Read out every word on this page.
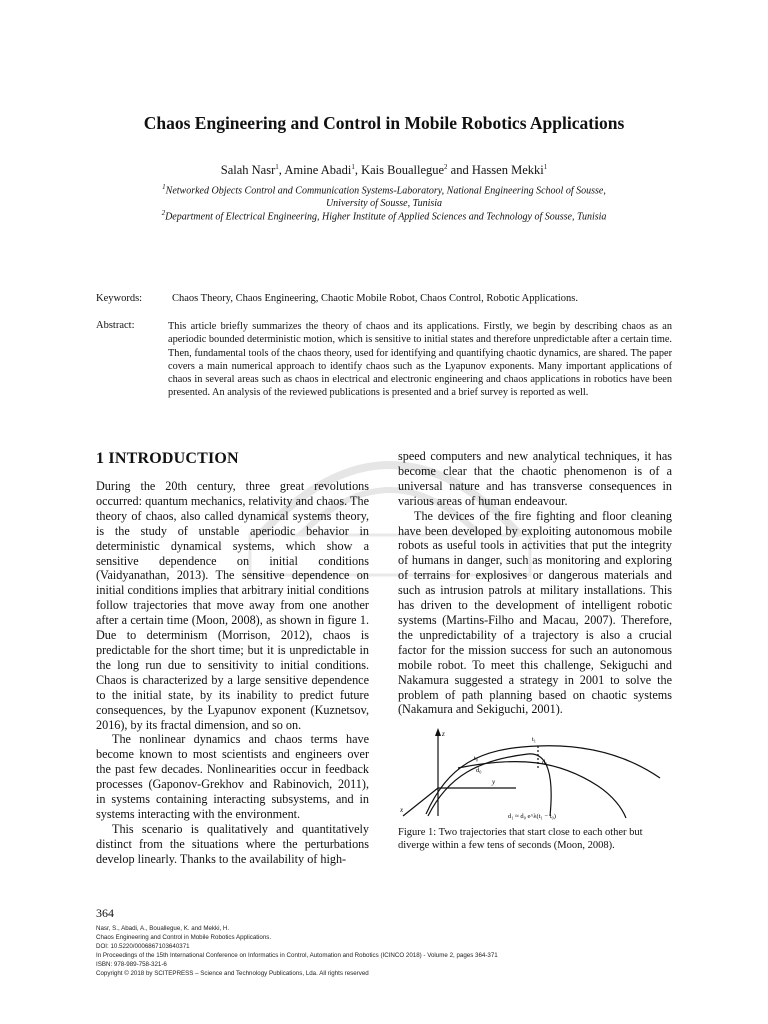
Chaos Engineering and Control in Mobile Robotics Applications
Salah Nasr$^1$, Amine Abadi$^1$, Kais Bouallegue$^2$ and Hassen Mekki$^1$
$^1$Networked Objects Control and Communication Systems-Laboratory, National Engineering School of Sousse,
University of Sousse, Tunisia
$^2$Department of Electrical Engineering, Higher Institute of Applied Sciences and Technology of Sousse, Tunisia
Keywords:	Chaos Theory, Chaos Engineering, Chaotic Mobile Robot, Chaos Control, Robotic Applications.
Abstract:	This article briefly summarizes the theory of chaos and its applications. Firstly, we begin by describing chaos as an aperiodic bounded deterministic motion, which is sensitive to initial states and therefore unpredictable after a certain time. Then, fundamental tools of the chaos theory, used for identifying and quantifying chaotic dynamics, are shared. The paper covers a main numerical approach to identify chaos such as the Lyapunov exponents. Many important applications of chaos in several areas such as chaos in electrical and electronic engineering and chaos applications in robotics have been presented. An analysis of the reviewed publications is presented and a brief survey is reported as well.
1 INTRODUCTION

During the 20th century, three great revolutions occurred: quantum mechanics, relativity and chaos. The theory of chaos, also called dynamical systems theory, is the study of unstable aperiodic behavior in deterministic dynamical systems, which show a sensitive dependence on initial conditions (Vaidyanathan, 2013). The sensitive dependence on initial conditions implies that arbitrary initial conditions follow trajectories that move away from one another after a certain time (Moon, 2008), as shown in figure 1. Due to determinism (Morrison, 2012), chaos is predictable for the short time; but it is unpredictable in the long run due to sensitivity to initial conditions. Chaos is characterized by a large sensitive dependence to the initial state, by its inability to predict future consequences, by the Lyapunov exponent (Kuznetsov, 2016), by its fractal dimension, and so on.

The nonlinear dynamics and chaos terms have become known to most scientists and engineers over the past few decades. Nonlinearities occur in feedback processes (Gaponov-Grekhov and Rabinovich, 2011), in systems containing interacting subsystems, and in systems interacting with the environment.

This scenario is qualitatively and quantitatively distinct from the situations where the perturbations develop linearly. Thanks to the availability of high-

speed computers and new analytical techniques, it has become clear that the chaotic phenomenon is of a universal nature and has transverse consequences in various areas of human endeavour.

The devices of the fire fighting and floor cleaning have been developed by exploiting autonomous mobile robots as useful tools in activities that put the integrity of humans in danger, such as monitoring and exploring of terrains for explosives or dangerous materials and such as intrusion patrols at military installations. This has driven to the development of intelligent robotic systems (Martins-Filho and Macau, 2007). Therefore, the unpredictability of a trajectory is also a crucial factor for the mission success for such an autonomous mobile robot. To meet this challenge, Sekiguchi and Nakamura suggested a strategy in 2001 to solve the problem of path planning based on chaotic systems (Nakamura and Sekiguchi, 2001).

z
y
x
t₀
d₀
t₁
d₁
d₁ ≈ d₀ e^λ(t₁ − t₀)
Figure 1: Two trajectories that start close to each other but diverge within a few tens of seconds (Moon, 2008).
364
Nasr, S., Abadi, A., Bouallegue, K. and Mekki, H.
Chaos Engineering and Control in Mobile Robotics Applications.
DOI: 10.5220/0006867103640371
In Proceedings of the 15th International Conference on Informatics in Control, Automation and Robotics (ICINCO 2018) - Volume 2, pages 364-371
ISBN: 978-989-758-321-6
Copyright © 2018 by SCITEPRESS – Science and Technology Publications, Lda. All rights reserved
